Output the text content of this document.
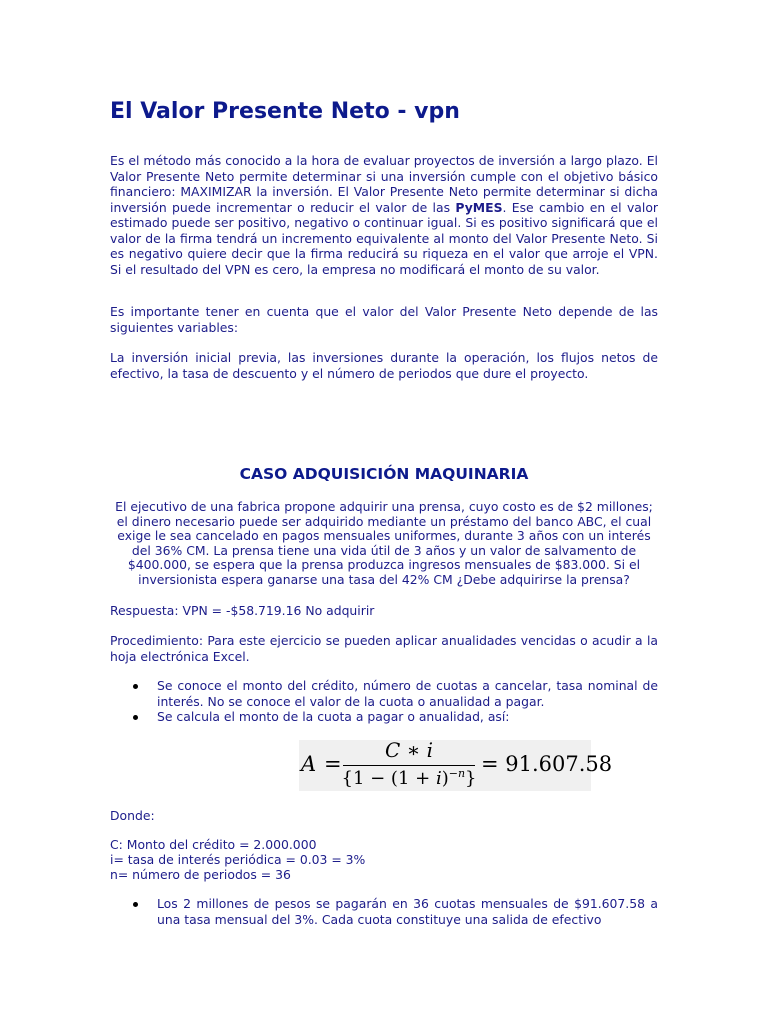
El Valor Presente Neto - vpn

Es el método más conocido a la hora de evaluar proyectos de inversión a largo plazo. El Valor Presente Neto permite determinar si una inversión cumple con el objetivo básico financiero: MAXIMIZAR la inversión. El Valor Presente Neto permite determinar si dicha inversión puede incrementar o reducir el valor de las PyMES. Ese cambio en el valor estimado puede ser positivo, negativo o continuar igual. Si es positivo significará que el valor de la firma tendrá un incremento equivalente al monto del Valor Presente Neto. Si es negativo quiere decir que la firma reducirá su riqueza en el valor que arroje el VPN. Si el resultado del VPN es cero, la empresa no modificará el monto de su valor.

Es importante tener en cuenta que el valor del Valor Presente Neto depende de las siguientes variables:

La inversión inicial previa, las inversiones durante la operación, los flujos netos de efectivo, la tasa de descuento y el número de periodos que dure el proyecto.

CASO ADQUISICIÓN MAQUINARIA

El ejecutivo de una fabrica propone adquirir una prensa, cuyo costo es de $2 millones; el dinero necesario puede ser adquirido mediante un préstamo del banco ABC, el cual exige le sea cancelado en pagos mensuales uniformes, durante 3 años con un interés del 36% CM. La prensa tiene una vida útil de 3 años y un valor de salvamento de $400.000, se espera que la prensa produzca ingresos mensuales de $83.000. Si el inversionista espera ganarse una tasa del 42% CM ¿Debe adquirirse la prensa?

Respuesta: VPN = -$58.719.16 No adquirir

Procedimiento: Para este ejercicio se pueden aplicar anualidades vencidas o acudir a la hoja electrónica Excel.

Se conoce el monto del crédito, número de cuotas a cancelar, tasa nominal de interés. No se conoce el valor de la cuota o anualidad a pagar.
Se calcula el monto de la cuota a pagar o anualidad, así:
A =
C ∗ i
$\{1 - (1 + i)^{-n}\}$
= 91.607.58

Donde:

C: Monto del crédito = 2.000.000

i= tasa de interés periódica = 0.03 = 3%

n= número de periodos = 36

Los 2 millones de pesos se pagarán en 36 cuotas mensuales de $91.607.58 a una tasa mensual del 3%. Cada cuota constituye una salida de efectivo
